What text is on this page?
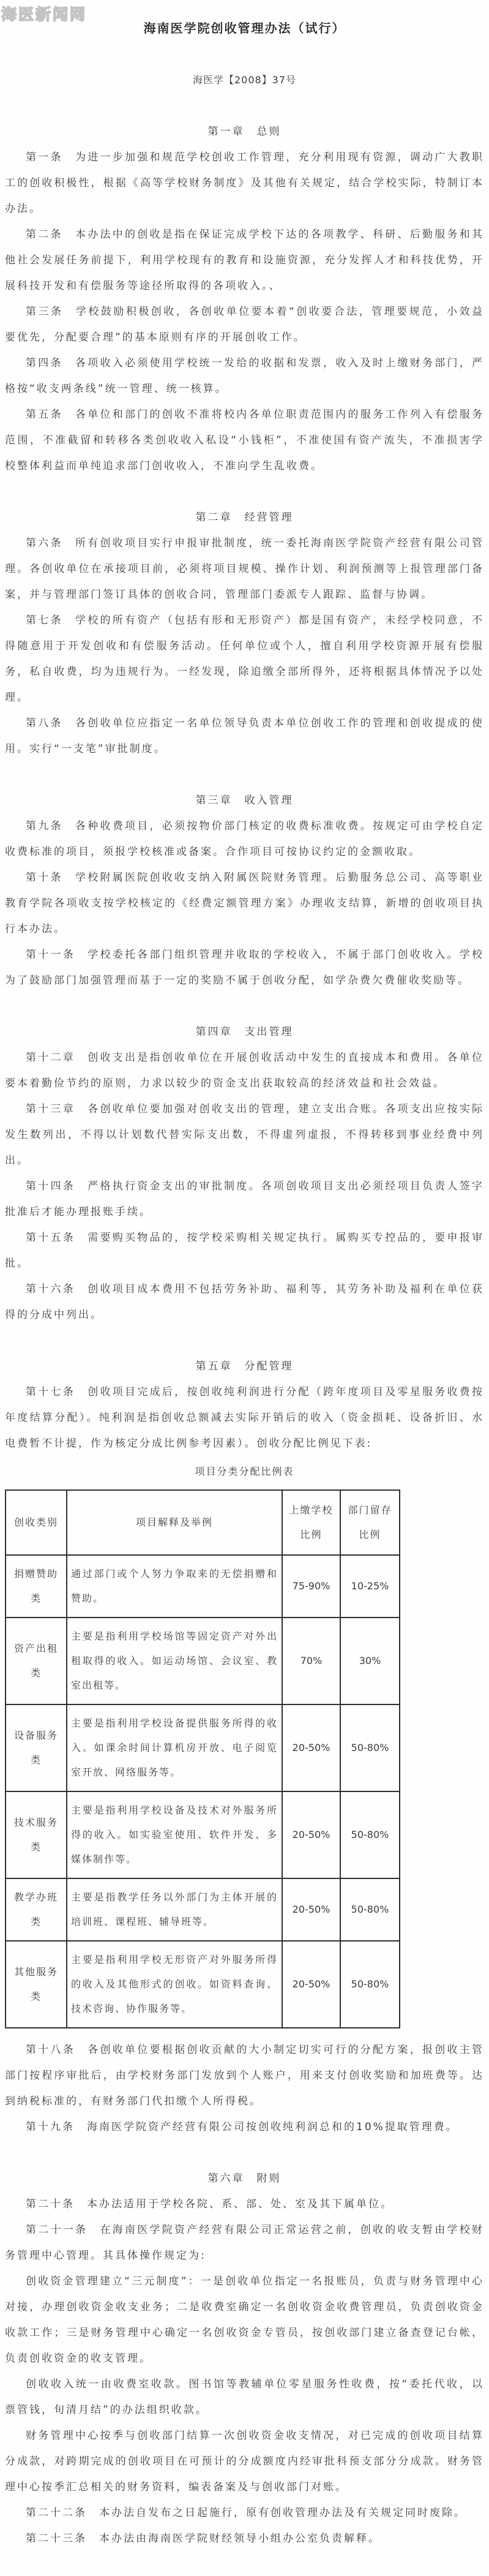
海医新闻网
海南医学院创收管理办法（试行）
海医学【2008】37号
第一章　总则

第一条　为进一步加强和规范学校创收工作管理，充分利用现有资源，调动广大教职工的创收积极性，根据《高等学校财务制度》及其他有关规定，结合学校实际，特制订本办法。

第二条　本办法中的创收是指在保证完成学校下达的各项教学、科研、后勤服务和其他社会发展任务前提下，利用学校现有的教育和设施资源，充分发挥人才和科技优势，开展科技开发和有偿服务等途径所取得的各项收入。、

第三条　学校鼓励积极创收，各创收单位要本着“创收要合法，管理要规范，小效益要优先，分配要合理”的基本原则有序的开展创收工作。

第四条　各项收入必须使用学校统一发给的收据和发票，收入及时上缴财务部门，严格按“收支两条线”统一管理、统一核算。

第五条　各单位和部门的创收不准将校内各单位职责范围内的服务工作列入有偿服务范围，不准截留和转移各类创收收入私设“小钱柜”，不准使国有资产流失，不准损害学校整体利益而单纯追求部门创收收入，不准向学生乱收费。

第二章　经营管理

第六条　所有创收项目实行申报审批制度，统一委托海南医学院资产经营有限公司管理。各创收单位在承接项目前，必须将项目规模、操作计划、利润预测等上报管理部门备案，并与管理部门签订具体的创收合同，管理部门委派专人跟踪、监督与协调。

第七条　学校的所有资产（包括有形和无形资产）都是国有资产，未经学校同意，不得随意用于开发创收和有偿服务活动。任何单位或个人，擅自利用学校资源开展有偿服务，私自收费，均为违规行为。一经发现，除追缴全部所得外，还将根据具体情况予以处理。

第八条　各创收单位应指定一名单位领导负责本单位创收工作的管理和创收提成的使用。实行“一支笔”审批制度。

第三章　收入管理

第九条　各种收费项目，必须按物价部门核定的收费标准收费。按规定可由学校自定收费标准的项目，须报学校核准或备案。合作项目可按协议约定的金额收取。

第十条　学校附属医院创收收支纳入附属医院财务管理。后勤服务总公司、高等职业教育学院各项收支按学校核定的《经费定额管理方案》办理收支结算，新增的创收项目执行本办法。

第十一条　学校委托各部门组织管理并收取的学校收入，不属于部门创收收入。学校为了鼓励部门加强管理而基于一定的奖励不属于创收分配，如学杂费欠费催收奖励等。

第四章　支出管理

第十二章　创收支出是指创收单位在开展创收活动中发生的直接成本和费用。各单位要本着勤俭节约的原则，力求以较少的资金支出获取较高的经济效益和社会效益。

第十三章　各创收单位要加强对创收支出的管理，建立支出合账。各项支出应按实际发生数列出，不得以计划数代替实际支出数，不得虚列虚报，不得转移到事业经费中列出。

第十四条　严格执行资金支出的审批制度。各项创收项目支出必须经项目负责人签字批准后才能办理报账手续。

第十五条　需要购买物品的，按学校采购相关规定执行。属购买专控品的，要申报审批。

第十六条　创收项目成本费用不包括劳务补助、福利等，其劳务补助及福利在单位获得的分成中列出。

第五章　分配管理

第十七条　创收项目完成后，按创收纯利润进行分配（跨年度项目及零星服务收费按年度结算分配）。纯利润是指创收总额减去实际开销后的收入（资金损耗、设备折旧、水电费暂不计提，作为核定分成比例参考因素）。创收分配比例见下表:

项目分类分配比例表
创收类别	项目解释及举例	上缴学校比例	部门留存比例
捐赠赞助类	通过部门或个人努力争取来的无偿捐赠和赞助。	75-90%	10-25%
资产出租类	主要是指利用学校场馆等固定资产对外出租取得的收入。如运动场馆、会议室、教室出租等。	70%	30%
设备服务类	主要是指利用学校设备提供服务所得的收入。如课余时间计算机房开放、电子阅览室开放、网络服务等。	20-50%	50-80%
技术服务类	主要是指利用学校设备及技术对外服务所得的收入。如实验室使用、软件开发、多媒体制作等。	20-50%	50-80%
教学办班类	主要是指教学任务以外部门为主体开展的培训班、课程班、辅导班等。	20-50%	50-80%
其他服务类	主要是指利用学校无形资产对外服务所得的收入及其他形式的创收。如资料查询、技术咨询、协作服务等。	20-50%	50-80%

第十八条　各创收单位要根据创收贡献的大小制定切实可行的分配方案，报创收主管部门按程序审批后，由学校财务部门发放到个人账户，用来支付创收奖励和加班费等。达到纳税标准的，有财务部门代扣缴个人所得税。

第十九条　海南医学院资产经营有限公司按创收纯利润总和的10%提取管理费。

第六章　附则

第二十条　本办法适用于学校各院、系、部、处、室及其下属单位。

第二十一条　在海南医学院资产经营有限公司正常运营之前，创收的收支暂由学校财务管理中心管理。其具体操作规定为:

创收资金管理建立“三元制度”：一是创收单位指定一名报账员，负责与财务管理中心对接，办理创收资金收支业务；二是收费室确定一名创收资金收费管理员，负责创收资金收款工作；三是财务管理中心确定一名创收资金专管员，按创收部门建立备查登记台帐，负责创收资金的收支管理。

创收收入统一由收费室收款。图书馆等教辅单位零星服务性收费，按“委托代收，以票管钱，旬清月结”的办法组织收款。

财务管理中心按季与创收部门结算一次创收资金收支情况，对已完成的创收项目结算分成款，对跨期完成的创收项目在可预计的分成额度内经审批科预支部分分成款。财务管理中心按季汇总相关的财务资料，编表备案及与创收部门对账。

第二十二条　本办法自发布之日起施行，原有创收管理办法及有关规定同时废除。

第二十三条　本办法由海南医学院财经领导小组办公室负责解释。
